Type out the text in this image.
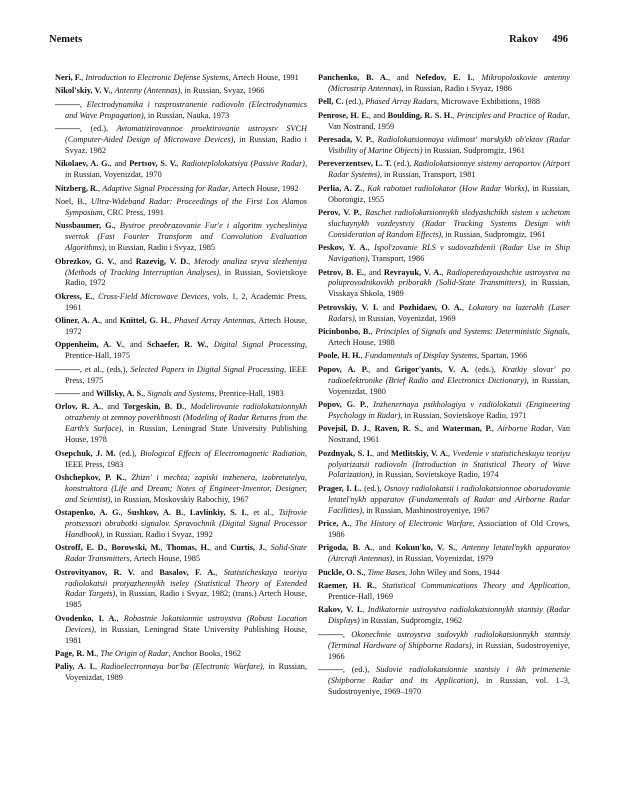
Nemets	Rakov 496

Neri, F., Introduction to Electronic Defense Systems, Artech House, 1991

Nikol'skiy, V. V., Antenny (Antennas), in Russian, Svyaz, 1966

———, Electrodynamika i rasprostranenie radiovoln (Electrodynamics and Wave Propagation), in Russian, Nauka, 1973

———, (ed.), Avtomatizirovannoe proektirovanie ustroystv SVCH (Computer-Aided Design of Microwave Devices), in Russian, Radio i Svyaz, 1982

Nikolaev, A. G., and Pertsov, S. V., Radioteplolokatsiya (Passive Radar), in Russian, Voyenizdat, 1970

Nitzberg, R., Adaptive Signal Processing for Radar, Artech House, 1992

Noel, B., Ultra-Wideband Radar: Proceedings of the First Los Alamos Symposium, CRC Press, 1991

Nussbaumer, G., Bystroe preobrazovanie Fur'e i algoritm vychesliniya svertok (Fast Fourier Transform and Convolution Evaluation Algorithms), in Russian, Radio i Svyaz, 1985

Obrezkov, G. V., and Razevig, V. D., Metody analiza sryva slezheniya (Methods of Tracking Interruption Analyses), in Russian, Sovietskoye Radio, 1972

Okress, E., Cross-Field Microwave Devices, vols. 1, 2, Academic Press, 1961

Oliner, A. A., and Knittel, G. H., Phased Array Antennas, Artech House, 1972

Oppenheim, A. V., and Schaefer, R. W., Digital Signal Processing, Prentice-Hall, 1975

———, et al., (eds.), Selected Papers in Digital Signal Processing, IEEE Press, 1975

——— and Willsky, A. S., Signals and Systems, Prentice-Hall, 1983

Orlov, R. A., and Torgeskin, B. D., Modelirovanie radiolokatsionnykh otrazheniy ot zemnoy poverkhnosti (Modeling of Radar Returns from the Earth's Surface), in Russian, Leningrad State University Publishing House, 1978

Osepchuk, J. M. (ed.), Biological Effects of Electromagnetic Radiation, IEEE Press, 1983

Oshchepkov, P. K., Zhizn' i mechta; zapiski inzhenera, izobretatelya, konstruktora (Life and Dream; Notes of Engineer-Inventor, Designer, and Scientist), in Russian, Moskovskiy Rabochiy, 1967

Ostapenko, A. G., Sushkov, A. B., Lavlinkiy, S. I., et al., Tsifrovie protsessori obrabotki signalov. Spravochnik (Digital Signal Processor Handbook), in Russian, Radio i Svyaz, 1992

Ostroff, E. D., Borowski, M., Thomas, H., and Curtis, J., Solid-State Radar Transmitters, Artech House, 1985

Ostrovityanov, R. V. and Basalov, F. A., Statisticheskaya teoriya radiolokatsii protyazhennykh tseley (Statistical Theory of Extended Radar Targets), in Russian, Radio i Svyaz, 1982; (trans.) Artech House, 1985

Ovodenko, I. A., Robastnie lokatsionnie ustroystva (Robust Location Devices), in Russian, Leningrad State University Publishing House, 1981

Page, R. M., The Origin of Radar, Anchor Books, 1962

Paliy, A. I., Radioelectronnaya bor'ba (Electronic Warfare), in Russian, Voyenizdat, 1989

Panchenko, B. A., and Nefedov, E. I., Mikropoloskovie antenny (Microstrip Antennas), in Russian, Radio i Svyaz, 1986

Pell, C. (ed.), Phased Array Radars, Microwave Exhibitions, 1988

Penrose, H. E., and Boulding, R. S. H., Principles and Practice of Radar, Van Nostrand, 1959

Peresada, V. P., Radiolokatsionnaya vidimost' morskykh ob'ektov (Radar Visibility of Marine Objects) in Russian, Sudpromgiz, 1961

Pereverzentsev, L. T. (ed.), Radiolokatsionnye sistemy aeroportov (Airport Radar Systems), in Russian, Transport, 1981

Perlia, A. Z., Kak rabotaet radiolokator (How Radar Works), in Russian, Oborongiz, 1955

Perov, V. P., Raschet radiolokatsionnykh sledyashchikh sistem s uchetom sluchaynykh vozdeystviy (Radar Tracking Systems Design with Consideration of Random Effects), in Russian, Sudpromgiz, 1961

Peskov, Y. A., Ispol'zovanie RLS v sudovozhdenii (Radar Use in Ship Navigation), Transport, 1986

Petrov, B. E., and Revrayuk, V. A., Radioperedayoushchie ustroystva na poluprovodnikovikh priborakh (Solid-State Transmitters), in Russian, Visskaya Shkola, 1989

Petrovskiy, V. I. and Pozhidaev, O. A., Lokatory na lazerakh (Laser Radars), in Russian, Voyenizdat, 1969

Picinbonbo, B., Principles of Signals and Systems: Deterministic Signals, Artech House, 1988

Poole, H. H., Fundamentals of Display Systems, Spartan, 1966

Popov, A. P., and Grigor'yants, V. A. (eds.), Kratkiy slovar' po radioelektronike (Brief Radio and Electronics Dictionary), in Russian, Voyenizdat, 1980

Popov, G. P., Inzhenernaya psikhologiya v radiolokatsii (Engineering Psychology in Radar), in Russian, Sovietskoye Radio, 1971

Povejsil, D. J., Raven, R. S., and Waterman, P., Airborne Radar, Van Nostrand, 1961

Pozdnyak, S. I., and Metlitskiy, V. A., Vvedenie v statisticheskuyu teoriyu polyarizatsii radiovoln (Introduction in Statistical Theory of Wave Polarization), in Russian, Sovietskoye Radio, 1974

Prager, I. L. (ed.), Osnovy radiolokatsii i radiolokatsionnoe oborudovanie letatel'nykh apparatov (Fundamentals of Radar and Airborne Radar Facilities), in Russian, Mashinostroyeniye, 1967

Price, A., The History of Electronic Warfare, Association of Old Crows, 1986

Prigoda, B. A., and Kokun'ko, V. S., Antenny letatel'nykh apparatov (Aircraft Antennas), in Russian, Voyenizdat, 1979

Puckle, O. S., Time Bases, John Wiley and Sons, 1944

Raemer, H. R., Statistical Communications Theory and Application, Prentice-Hall, 1969

Rakov, V. I., Indikatornie ustroystva radiolokatsionnykh stantsiy (Radar Displays) in Russian, Sudpromgiz, 1962

———, Okonechnie ustroystva sudovykh radiolokatsionnykh stantsiy (Terminal Hardware of Shipborne Radars), in Russian, Sudostroyeniye, 1966

———, (ed.), Sudovie radiolokatsionnie stantsiy i ikh primenenie (Shipborne Radar and its Application), in Russian, vol. 1–3, Sudostroyeniye, 1969–1970
